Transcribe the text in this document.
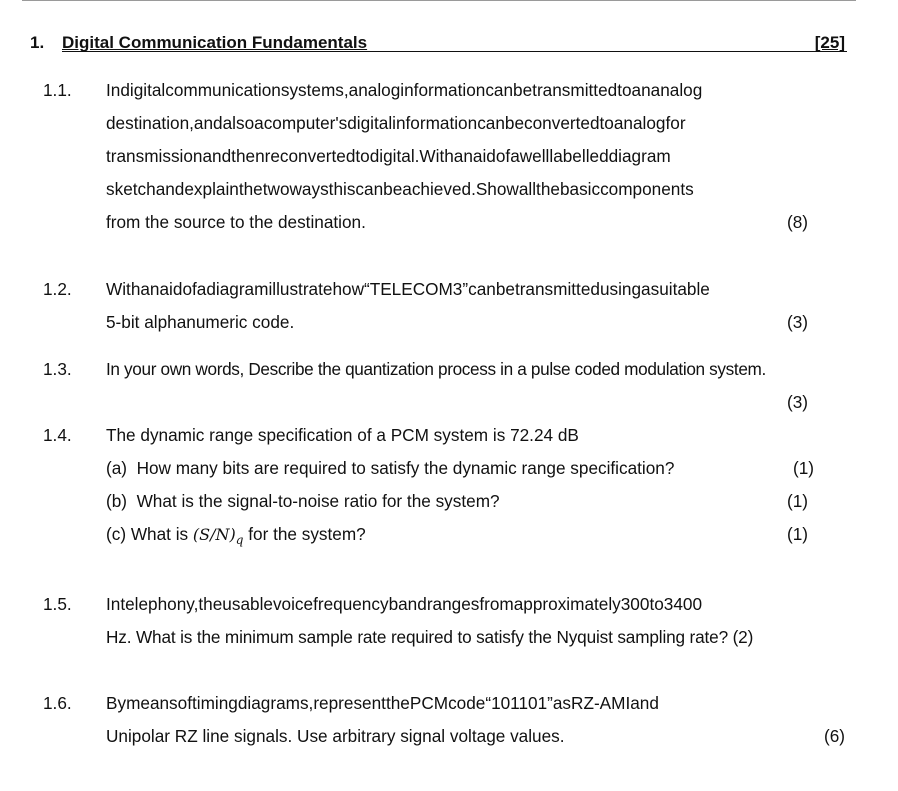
1. Digital Communication Fundamentals	[25]
1.1. Indigitalcommunicationsystems,analoginformationcanbetransmittedtoananalog
destination,andalsoacomputer'sdigitalinformationcanbeconvertedtoanalogfor
transmissionandthenreconvertedtodigital.Withanaidofawelllabelleddiagram
sketchandexplainthetwowaysthiscanbeachieved.Showallthebasiccomponents
from the source to the destination.	(8)
1.2. Withanaidofadiagramillustratehow“TELECOM3”canbetransmittedusingasuitable
5-bit alphanumeric code.	(3)
1.3. In your own words, Describe the quantization process in a pulse coded modulation system.
(3)
1.4. The dynamic range specification of a PCM system is 72.24 dB
(a) How many bits are required to satisfy the dynamic range specification?	(1)
(b) What is the signal-to-noise ratio for the system?	(1)
(c) What is $(S/N)_q$ for the system?	(1)
1.5. Intelephony,theusablevoicefrequencybandrangesfromapproximately300to3400
Hz. What is the minimum sample rate required to satisfy the Nyquist sampling rate? (2)
1.6. Bymeansoftimingdiagrams,representthePCMcode“101101”asRZ-AMIand
Unipolar RZ line signals. Use arbitrary signal voltage values.	(6)
